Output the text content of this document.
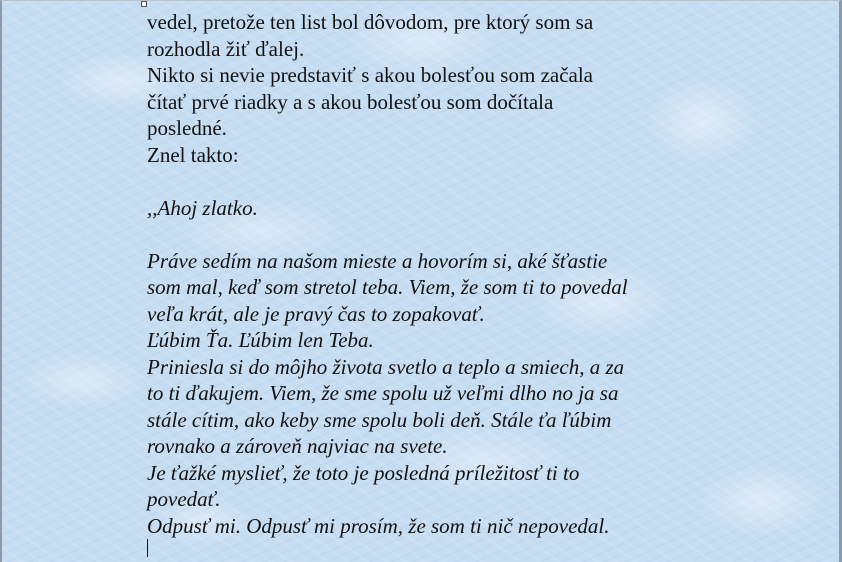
vedel, pretože ten list bol dôvodom, pre ktorý som sa
rozhodla žiť ďalej.
Nikto si nevie predstaviť s akou bolesťou som začala
čítať prvé riadky a s akou bolesťou som dočítala
posledné.
Znel takto:
,,Ahoj zlatko.
Práve sedím na našom mieste a hovorím si, aké šťastie
som mal, keď som stretol teba. Viem, že som ti to povedal
veľa krát, ale je pravý čas to zopakovať.
Ľúbim Ťa. Ľúbim len Teba.
Priniesla si do môjho života svetlo a teplo a smiech, a za
to ti ďakujem. Viem, že sme spolu už veľmi dlho no ja sa
stále cítim, ako keby sme spolu boli deň. Stále ťa ľúbim
rovnako a zároveň najviac na svete.
Je ťažké myslieť, že toto je posledná príležitosť ti to
povedať.
Odpusť mi. Odpusť mi prosím, že som ti nič nepovedal.
